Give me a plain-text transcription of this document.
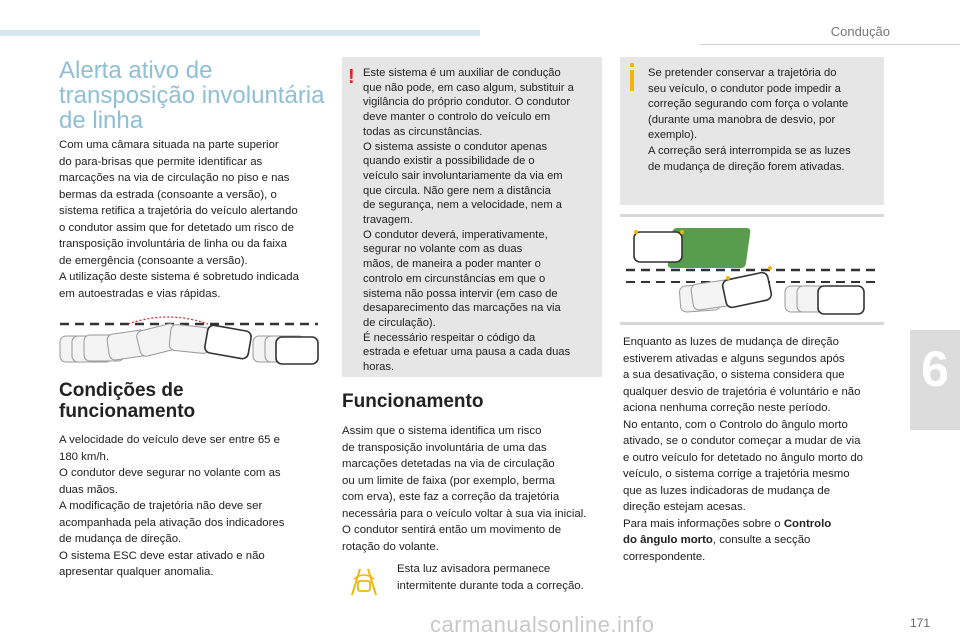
Condução
6
Alerta ativo de
transposição involuntária
de linha
Com uma câmara situada na parte superior
do para-brisas que permite identificar as
marcações na via de circulação no piso e nas
bermas da estrada (consoante a versão), o
sistema retifica a trajetória do veículo alertando
o condutor assim que for detetado um risco de
transposição involuntária de linha ou da faixa
de emergência (consoante a versão).
A utilização deste sistema é sobretudo indicada
em autoestradas e vias rápidas.
Condições de
funcionamento
A velocidade do veículo deve ser entre 65 e
180 km/h.
O condutor deve segurar no volante com as
duas mãos.
A modificação de trajetória não deve ser
acompanhada pela ativação dos indicadores
de mudança de direção.
O sistema ESC deve estar ativado e não
apresentar qualquer anomalia.
! Este sistema é um auxiliar de condução
que não pode, em caso algum, substituir a
vigilância do próprio condutor. O condutor
deve manter o controlo do veículo em
todas as circunstâncias.
O sistema assiste o condutor apenas
quando existir a possibilidade de o
veículo sair involuntariamente da via em
que circula. Não gere nem a distância
de segurança, nem a velocidade, nem a
travagem.
O condutor deverá, imperativamente,
segurar no volante com as duas
mãos, de maneira a poder manter o
controlo em circunstâncias em que o
sistema não possa intervir (em caso de
desaparecimento das marcações na via
de circulação).
É necessário respeitar o código da
estrada e efetuar uma pausa a cada duas
horas.
Funcionamento
Assim que o sistema identifica um risco
de transposição involuntária de uma das
marcações detetadas na via de circulação
ou um limite de faixa (por exemplo, berma
com erva), este faz a correção da trajetória
necessária para o veículo voltar à sua via inicial.
O condutor sentirá então um movimento de
rotação do volante.
Esta luz avisadora permanece
intermitente durante toda a correção.
Se pretender conservar a trajetória do
seu veículo, o condutor pode impedir a
correção segurando com força o volante
(durante uma manobra de desvio, por
exemplo).
A correção será interrompida se as luzes
de mudança de direção forem ativadas.
Enquanto as luzes de mudança de direção
estiverem ativadas e alguns segundos após
a sua desativação, o sistema considera que
qualquer desvio de trajetória é voluntário e não
aciona nenhuma correção neste período.
No entanto, com o Controlo do ângulo morto
ativado, se o condutor começar a mudar de via
e outro veículo for detetado no ângulo morto do
veículo, o sistema corrige a trajetória mesmo
que as luzes indicadoras de mudança de
direção estejam acesas.
Para mais informações sobre o Controlo
do ângulo morto, consulte a secção
correspondente.
carmanualsonline.info	171
